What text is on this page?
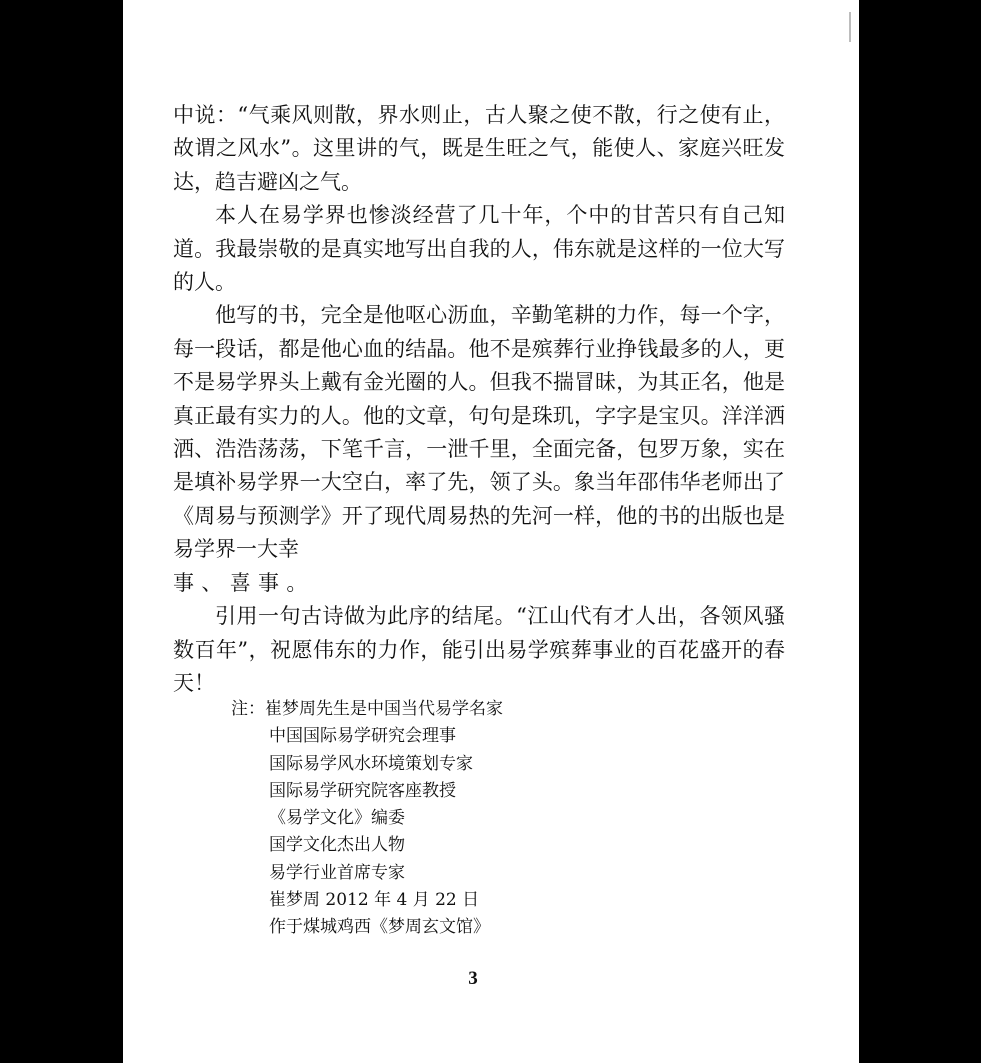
中说：“气乘风则散，界水则止，古人聚之使不散，行之使有止，故谓之风水”。这里讲的气，既是生旺之气，能使人、家庭兴旺发达，趋吉避凶之气。

本人在易学界也惨淡经营了几十年，个中的甘苦只有自己知道。我最崇敬的是真实地写出自我的人，伟东就是这样的一位大写的人。

他写的书，完全是他呕心沥血，辛勤笔耕的力作，每一个字，每一段话，都是他心血的结晶。他不是殡葬行业挣钱最多的人，更不是易学界头上戴有金光圈的人。但我不揣冒昧，为其正名，他是真正最有实力的人。他的文章，句句是珠玑，字字是宝贝。洋洋洒洒、浩浩荡荡，下笔千言，一泄千里，全面完备，包罗万象，实在是填补易学界一大空白，率了先，领了头。象当年邵伟华老师出了《周易与预测学》开了现代周易热的先河一样，他的书的出版也是易学界一大幸

事、喜事。

引用一句古诗做为此序的结尾。“江山代有才人出，各领风骚数百年”，祝愿伟东的力作，能引出易学殡葬事业的百花盛开的春天！

注：崔梦周先生是中国当代易学名家
中国国际易学研究会理事
国际易学风水环境策划专家
国际易学研究院客座教授
《易学文化》编委
国学文化杰出人物
易学行业首席专家
崔梦周 2012 年 4 月 22 日
作于煤城鸡西《梦周玄文馆》
3
